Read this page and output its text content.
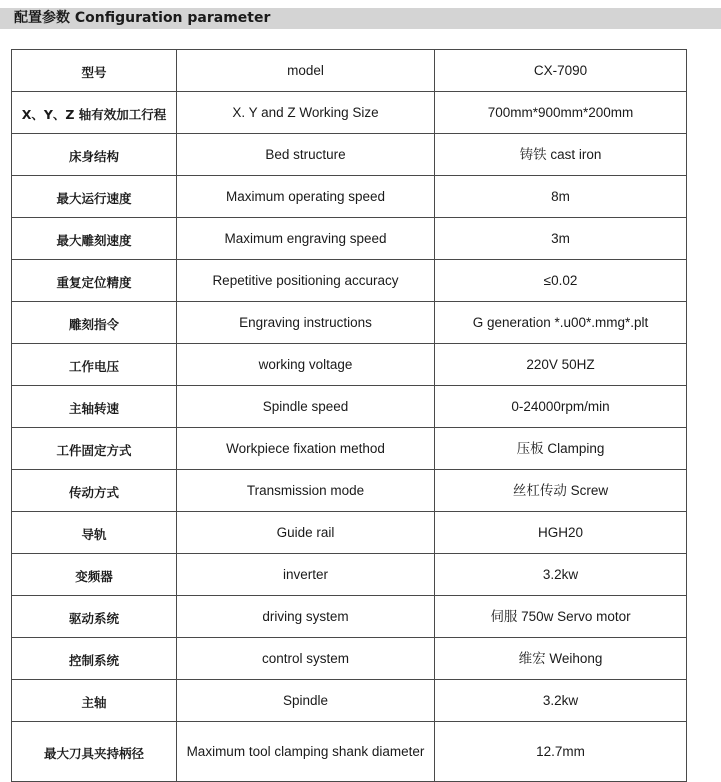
配置参数 Configuration parameter
型号	model	CX-7090
X、Y、Z 轴有效加工行程	X. Y and Z Working Size	700mm*900mm*200mm
床身结构	Bed structure	铸铁 cast iron
最大运行速度	Maximum operating speed	8m
最大雕刻速度	Maximum engraving speed	3m
重复定位精度	Repetitive positioning accuracy	≤0.02
雕刻指令	Engraving instructions	G generation *.u00*.mmg*.plt
工作电压	working voltage	220V 50HZ
主轴转速	Spindle speed	0-24000rpm/min
工件固定方式	Workpiece fixation method	压板 Clamping
传动方式	Transmission mode	丝杠传动 Screw
导轨	Guide rail	HGH20
变频器	inverter	3.2kw
驱动系统	driving system	伺服 750w Servo motor
控制系统	control system	维宏 Weihong
主轴	Spindle	3.2kw
最大刀具夹持柄径	Maximum tool clamping shank diameter	12.7mm
